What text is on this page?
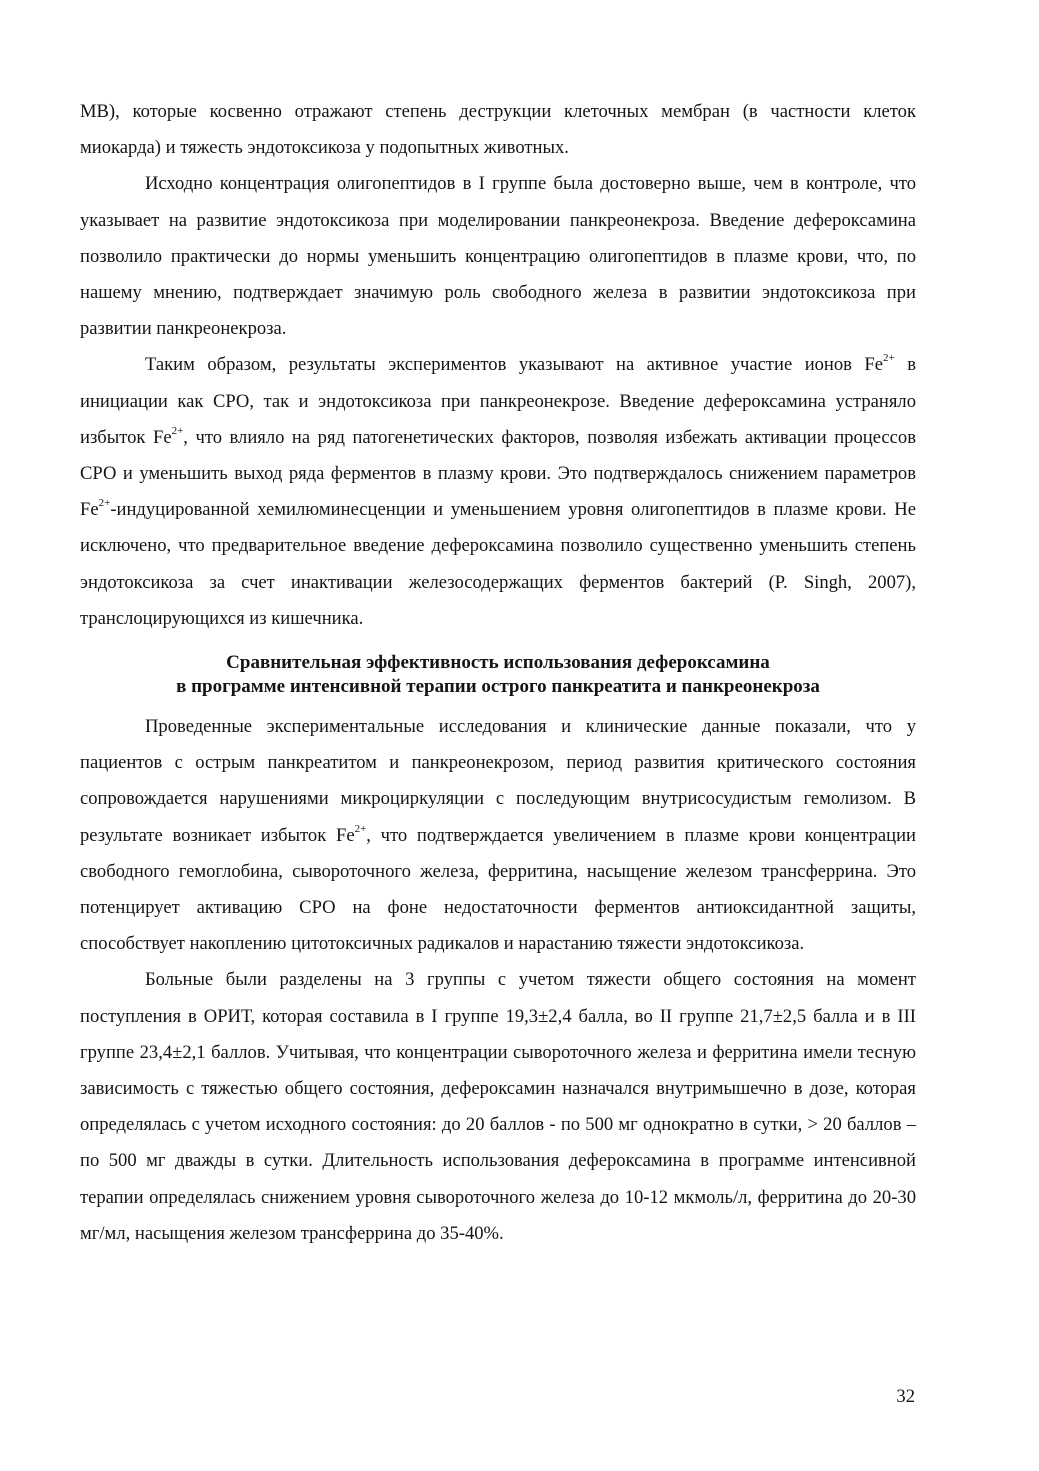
МВ), которые косвенно отражают степень деструкции клеточных мембран (в частности клеток миокарда) и тяжесть эндотоксикоза у подопытных животных.

Исходно концентрация олигопептидов в I группе была достоверно выше, чем в контроле, что указывает на развитие эндотоксикоза при моделировании панкреонекроза. Введение дефероксамина позволило практически до нормы уменьшить концентрацию олигопептидов в плазме крови, что, по нашему мнению, подтверждает значимую роль свободного железа в развитии эндотоксикоза при развитии панкреонекроза.

Таким образом, результаты экспериментов указывают на активное участие ионов $Fe^{2+}$ в инициации как СРО, так и эндотоксикоза при панкреонекрозе. Введение дефероксамина устраняло избыток $Fe^{2+}$, что влияло на ряд патогенетических факторов, позволяя избежать активации процессов СРО и уменьшить выход ряда ферментов в плазму крови. Это подтверждалось снижением параметров $Fe^{2+}$-индуцированной хемилюминесценции и уменьшением уровня олигопептидов в плазме крови. Не исключено, что предварительное введение дефероксамина позволило существенно уменьшить степень эндотоксикоза за счет инактивации железосодержащих ферментов бактерий (P. Singh, 2007), транслоцирующихся из кишечника.

Сравнительная эффективность использования дефероксамина
в программе интенсивной терапии острого панкреатита и панкреонекроза

Проведенные экспериментальные исследования и клинические данные показали, что у пациентов с острым панкреатитом и панкреонекрозом, период развития критического состояния сопровождается нарушениями микроциркуляции с последующим внутрисосудистым гемолизом. В результате возникает избыток $Fe^{2+}$, что подтверждается увеличением в плазме крови концентрации свободного гемоглобина, сывороточного железа, ферритина, насыщение железом трансферрина. Это потенцирует активацию СРО на фоне недостаточности ферментов антиоксидантной защиты, способствует накоплению цитотоксичных радикалов и нарастанию тяжести эндотоксикоза.

Больные были разделены на 3 группы с учетом тяжести общего состояния на момент поступления в ОРИТ, которая составила в I группе 19,3±2,4 балла, во II группе 21,7±2,5 балла и в III группе 23,4±2,1 баллов. Учитывая, что концентрации сывороточного железа и ферритина имели тесную зависимость с тяжестью общего состояния, дефероксамин назначался внутримышечно в дозе, которая определялась с учетом исходного состояния: до 20 баллов - по 500 мг однократно в сутки, > 20 баллов – по 500 мг дважды в сутки. Длительность использования дефероксамина в программе интенсивной терапии определялась снижением уровня сывороточного железа до 10-12 мкмоль/л, ферритина до 20-30 мг/мл, насыщения железом трансферрина до 35-40%.

32
